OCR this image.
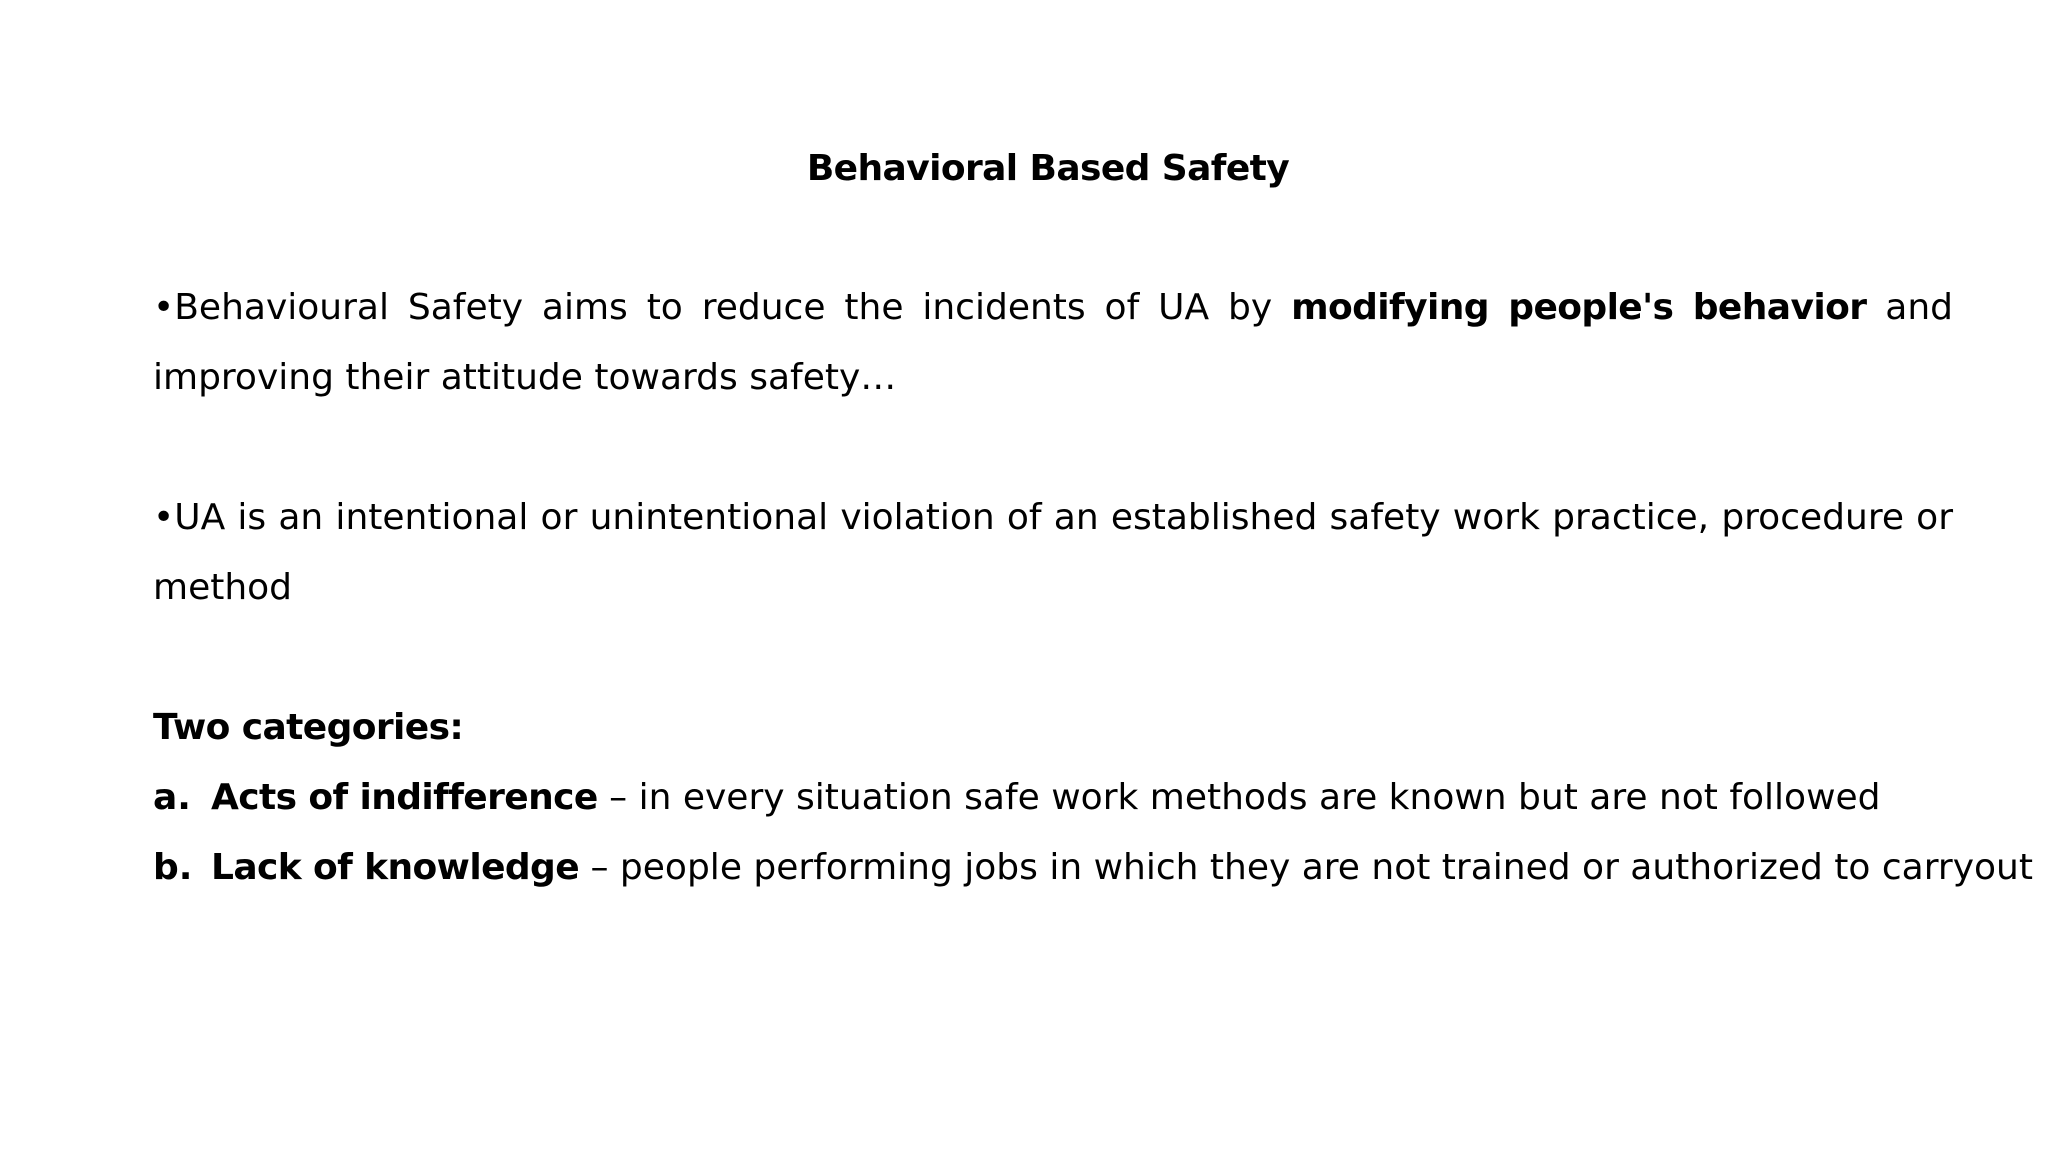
Behavioral Based Safety

•Behavioural Safety aims to reduce the incidents of UA by modifying people's behavior and improving their attitude towards safety…

•UA is an intentional or unintentional violation of an established safety work practice, procedure or method

Two categories:
a. Acts of indifference – in every situation safe work methods are known but are not followed
b. Lack of knowledge – people performing jobs in which they are not trained or authorized to carryout
